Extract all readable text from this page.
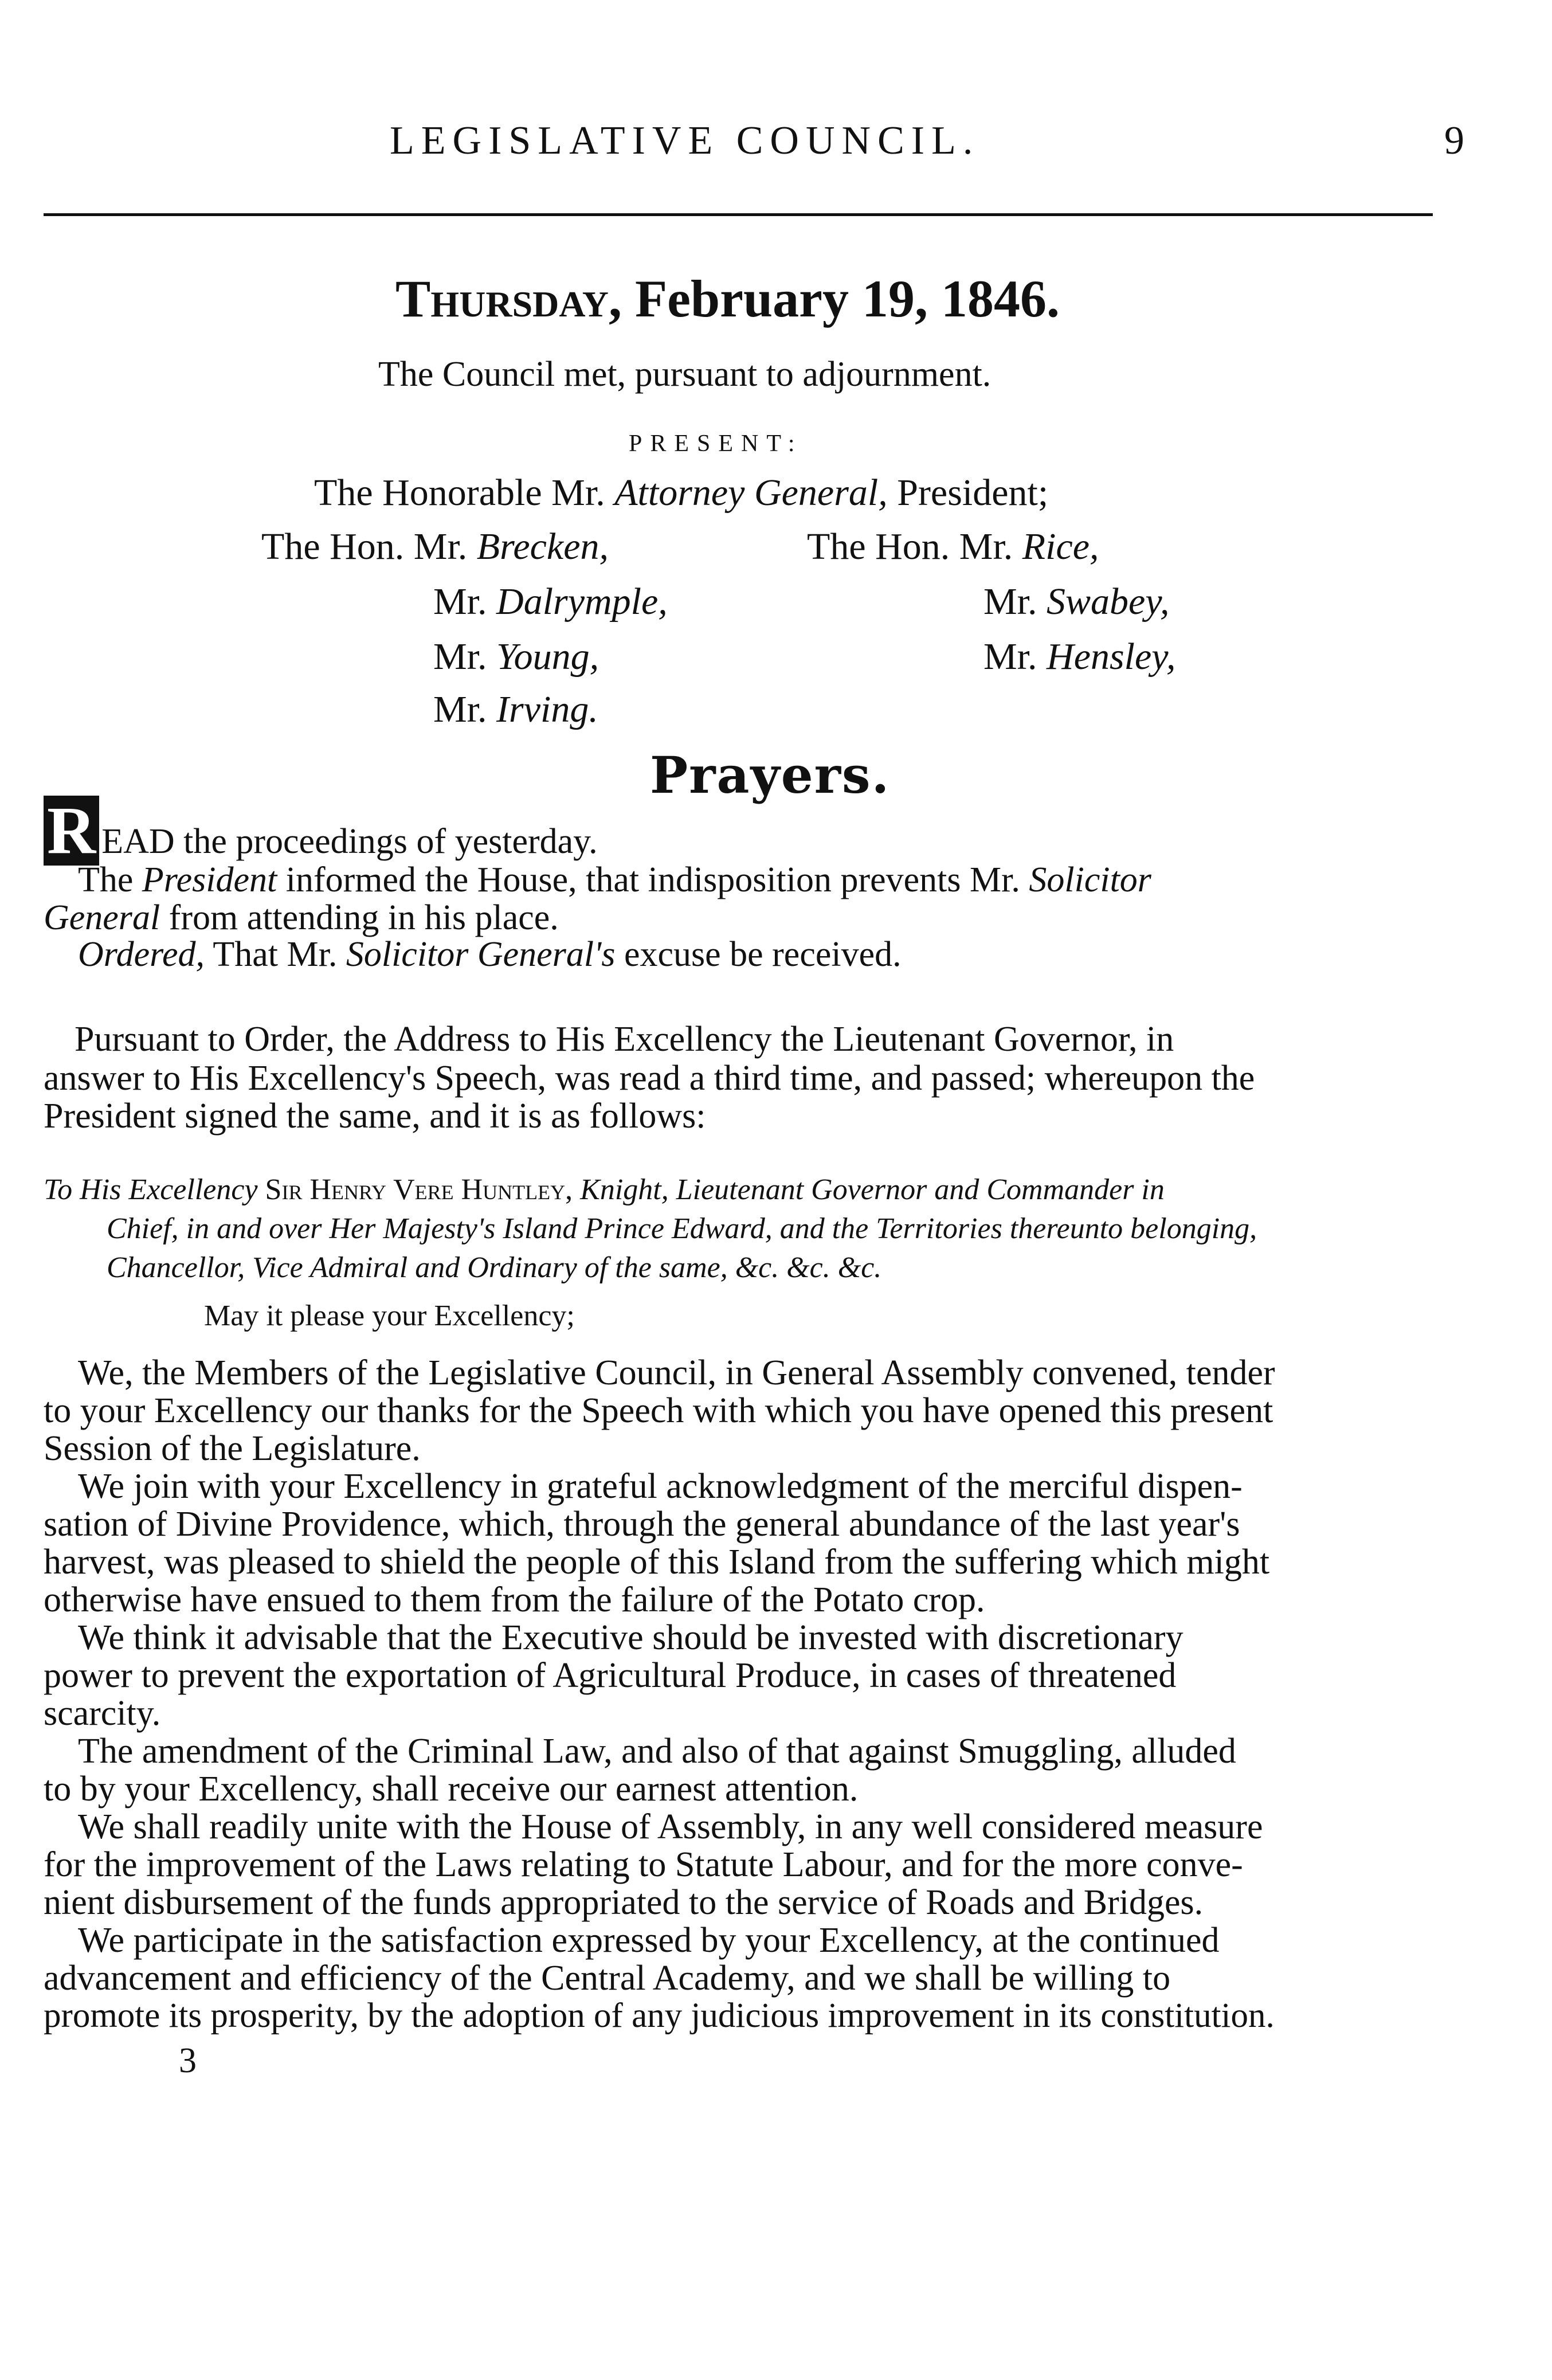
LEGISLATIVE COUNCIL.	9
Thursday, February 19, 1846.
The Council met, pursuant to adjournment.
PRESENT:
The Honorable Mr. Attorney General, President;
The Hon. Mr. Brecken,
Mr. Dalrymple,
Mr. Young,
Mr. Irving.
The Hon. Mr. Rice,
Mr. Swabey,
Mr. Hensley,
Prayers.
R EAD the proceedings of yesterday.
The President informed the House, that indisposition prevents Mr. Solicitor
General from attending in his place.
Ordered, That Mr. Solicitor General's excuse be received.
Pursuant to Order, the Address to His Excellency the Lieutenant Governor, in
answer to His Excellency's Speech, was read a third time, and passed; whereupon the
President signed the same, and it is as follows:
To His Excellency Sir Henry Vere Huntley, Knight, Lieutenant Governor and Commander in
Chief, in and over Her Majesty's Island Prince Edward, and the Territories thereunto belonging,
Chancellor, Vice Admiral and Ordinary of the same, &c. &c. &c.
May it please your Excellency;
We, the Members of the Legislative Council, in General Assembly convened, tender
to your Excellency our thanks for the Speech with which you have opened this present
Session of the Legislature.
We join with your Excellency in grateful acknowledgment of the merciful dispen-
sation of Divine Providence, which, through the general abundance of the last year's
harvest, was pleased to shield the people of this Island from the suffering which might
otherwise have ensued to them from the failure of the Potato crop.
We think it advisable that the Executive should be invested with discretionary
power to prevent the exportation of Agricultural Produce, in cases of threatened
scarcity.
The amendment of the Criminal Law, and also of that against Smuggling, alluded
to by your Excellency, shall receive our earnest attention.
We shall readily unite with the House of Assembly, in any well considered measure
for the improvement of the Laws relating to Statute Labour, and for the more conve-
nient disbursement of the funds appropriated to the service of Roads and Bridges.
We participate in the satisfaction expressed by your Excellency, at the continued
advancement and efficiency of the Central Academy, and we shall be willing to
promote its prosperity, by the adoption of any judicious improvement in its constitution.
3
